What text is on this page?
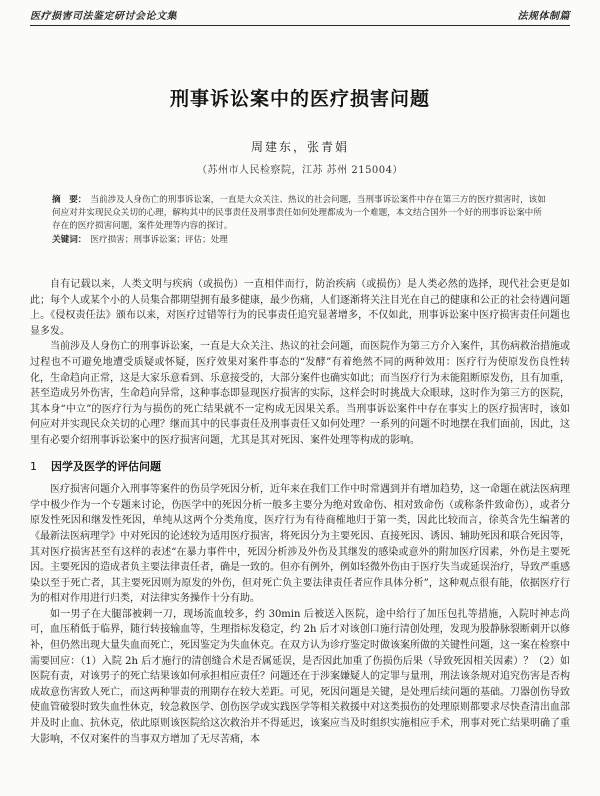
医疗损害司法鉴定研讨会论文集	法规体制篇
刑事诉讼案中的医疗损害问题
周建东，张青娟
（苏州市人民检察院，江苏 苏州 215004）
摘　要： 当前涉及人身伤亡的刑事诉讼案，一直是大众关注、热议的社会问题，当刑事诉讼案件中存在第三方的医疗损害时，该如何应对并实现民众关切的心理，解构其中的民事责任及刑事责任如何处理都成为一个难题，本文结合国外一个好的刑事诉讼案中所存在的医疗损害问题，案件处理等内容的探讨。
关键词： 医疗损害；刑事诉讼案；评估；处理

自有记载以来，人类文明与疾病（或损伤）一直相伴而行，防治疾病（或损伤）是人类必然的选择，现代社会更是如此；每个人或某个小的人员集合都期望拥有最多健康，最少伤痛，人们逐渐将关注目光在自己的健康和公正的社会待遇问题上。《侵权责任法》颁布以来，对医疗过错等行为的民事责任追究显著增多，不仅如此，刑事诉讼案中医疗损害责任问题也显多发。

当前涉及人身伤亡的刑事诉讼案，一直是大众关注、热议的社会问题，而医院作为第三方介入案件，其伤病救治措施或过程也不可避免地遭受质疑或怀疑，医疗效果对案件事态的“发酵”有着绝然不同的两种效用：医疗行为使原发伤良性转化，生命趋向正常，这是大家乐意看到、乐意接受的，大部分案件也确实如此；而当医疗行为未能阻断原发伤，且有加重，甚至造成另外伤害，生命趋向异常，这种事态即显现医疗损害的实际，这样会时时挑战大众眼球，这时作为第三方的医院，其本身“中立”的医疗行为与损伤的死亡结果就不一定构成无因果关系。当刑事诉讼案件中存在事实上的医疗损害时，该如何应对并实现民众关切的心理？继而其中的民事责任及刑事责任又如何处理？一系列的问题不时地摆在我们面前，因此，这里有必要介绍刑事诉讼案中的医疗损害问题，尤其是其对死因、案件处理等构成的影响。

1 因学及医学的评估问题

医疗损害问题介入刑事等案件的伤员学死因分析，近年来在我们工作中时常遇到并有增加趋势，这一命题在就法医病理学中极少作为一个专题来讨论，伤医学中的死因分析一般多主要分为绝对致命伤、相对致命伤（或称条件致命伤），或者分原发性死因和继发性死因，单纯从这两个分类角度，医疗行为有待商榷地归于第一类，因此比较而言，徐英含先生编著的《最新法医病理学》中对死因的论述较为适用医疗损害，将死因分为主要死因、直接死因、诱因、辅助死因和联合死因等，其对医疗损害甚至有这样的表述“在暴力事件中，死因分析涉及外伤及其继发的感染或意外的附加医疗因素，外伤是主要死因。主要死因的造成者负主要法律责任者，确是一致的。但亦有例外，例如轻微外伤由于医疗失当或延误治疗，导致严重感染以至于死亡者，其主要死因则为原发的外伤，但对死亡负主要法律责任者应作具体分析”，这种观点很有能，依据医疗行为的相对作用进行归类，对法律实务操作十分有助。

如一男子在大腿部被刺一刀，现场流血较多，约 30min 后被送入医院，途中给行了加压包扎等措施，入院时神志尚可，血压稍低于临界，随行转接输血等，生理指标发稳定，约 2h 后才对该创口施行清创处理，发现为股静脉裂断刺开以修补，但仍然出现大量失血而死亡，死因鉴定为失血休克。在双方认为诊疗鉴定时做该案所做的关键性问题，这一案在检察中需要回应：（1）入院 2h 后才施行的清创缝合术是否属延误，是否因此加重了伤损伤后果（导致死因相关因素）？（2）如医院有责，对该男子的死亡结果该如何承担相应责任？问题还在于涉案嫌疑人的定罪与量刑，刑法该条规对追究伤害是否构成故意伤害致人死亡，而这两种罪责的刑期存在较大差距。可见，死因问题是关键，是处理后续问题的基础。刀器创伤导致使血管破裂时致失血性休克，较急救医学、创伤医学或实践医学等相关救援中对这类损伤的处理原则都要求尽快查清出血部并及时止血、抗休克，依此原则该医院给这次救治并不得延迟，该案应当及时组织实施相应手术，刑事对死亡结果明确了重大影响，不仅对案件的当事双方增加了无尽苦痛，本
